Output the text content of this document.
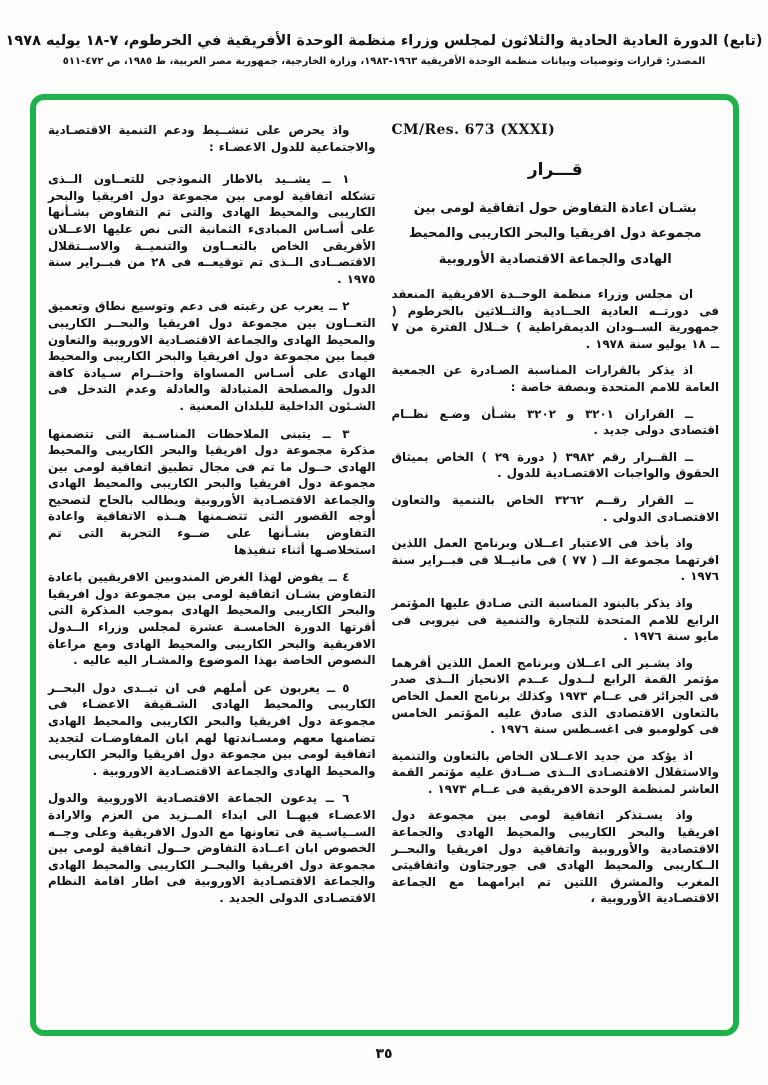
(تابع) الدورة العادية الحادية والثلاثون لمجلس وزراء منظمة الوحدة الأفريقية في الخرطوم، ٧-١٨ يوليه ١٩٧٨
المصدر: قرارات وتوصيات وبيانات منظمة الوحدة الأفريقية ١٩٦٣-١٩٨٣، وزارة الخارجية، جمهورية مصر العربية، ط ١٩٨٥، ص ٤٧٢-٥١١
CM/Res. 673 (XXXI)
قـــرار
بشـان اعادة التفاوض حول اتفاقية لومى بين مجموعة دول افريقيا والبحر الكاريبى والمحيط الهادى والجماعة الاقتصادية الأوروبية

ان مجلس وزراء منظمة الوحــدة الافريقية المنعقد فى دورتــه العادية الحــادية والثــلاثين بالخرطوم ( جمهورية الســودان الديمقراطية ) خــلال الفترة من ٧ ــ ١٨ يوليو سنة ١٩٧٨ .

اذ يذكر بالقرارات المناسبة الصـادرة عن الجمعية العامة للامم المتحدة وبصفة خاصة :

ــ القراران ٣٢٠١ و ٣٢٠٢ بشـأن وضـع نظــام اقتصادى دولى جديد .

ــ القــرار رقم ٣٩٨٢ ( دورة ٢٩ ) الخاص بميثاق الحقوق والواجبات الاقتصـادية للدول .

ــ القرار رقــم ٣٢٦٢ الخاص بالتنمية والتعاون الاقتصـادى الدولى .

واذ يأخذ فى الاعتبار اعــلان وبرنامج العمل اللذين اقرتهما مجموعة الــ ( ٧٧ ) فى مانيــلا فى فبــراير سنة ١٩٧٦ .

واذ يذكر بالبنود المناسبة التى صـادق عليها المؤتمر الرابع للامم المتحدة للتجارة والتنمية فى نيروبى فى مايو سنة ١٩٧٦ .

واذ يشـير الى اعــلان وبرنامج العمل اللذين أقرهما مؤتمر القمة الرابع لــدول عــدم الانحياز الــذى صدر فى الجزائر فى عــام ١٩٧٣ وكذلك برنامج العمل الخاص بالتعاون الاقتصادى الذى صادق عليه المؤتمر الخامس فى كولومبو فى اغسـطس سنة ١٩٧٦ .

اذ يؤكد من جديد الاعــلان الخاص بالتعاون والتنمية والاستقلال الاقتصـادى الــذى صــادق عليه مؤتمر القمة العاشر لمنظمة الوحدة الافريقية فى عــام ١٩٧٣ .

واذ يسـتذكر اتفاقية لومى بين مجموعة دول افريقيا والبحر الكاريبى والمحيط الهادى والجماعة الاقتصادية والأوروبية واتفاقية دول افريقيا والبحــر الــكاريبى والمحيط الهادى فى جورجتاون واتفاقيتى المغرب والمشرق اللتين تم ابرامهما مع الجماعة الاقتصـادية الأوروبية ،

واذ يحرص على تنشــيط ودعم التنمية الاقتصـادية والاجتماعية للدول الاعضـاء :

١ ــ يشــيد بالاطار النموذجى للتعــاون الــذى تشكله اتفاقية لومى بين مجموعة دول افريقيا والبحر الكاريبى والمحيط الهادى والتى تم التفاوض بشـأنها على أسـاس المبادىء الثمانية التى نص عليها الاعــلان الأفريقى الخاص بالتعــاون والتنميــة والاســتقلال الاقتصــادى الــذى تم توقيعــه فى ٢٨ من فبــراير سنة ١٩٧٥ .

٢ ــ يعرب عن رغبته فى دعم وتوسيع نطاق وتعميق التعــاون بين مجموعة دول افريقيا والبحــر الكاريبى والمحيط الهادى والجماعة الاقتصـادية الاوروبية والتعاون فيما بين مجموعة دول افريقيا والبحر الكاريبى والمحيط الهادى على أسـاس المساواة واحتــرام سـيادة كافة الدول والمصلحة المتبادلة والعادلة وعدم التدخل فى الشـئون الداخلية للبلدان المعنية .

٣ ــ يتبنى الملاحظات المناسـبة التى تتضمنها مذكرة مجموعة دول افريقيا والبحر الكاريبى والمحيط الهادى حــول ما تم فى مجال تطبيق اتفاقية لومى بين مجموعة دول افريقيا والبحر الكاريبى والمحيط الهادى والجماعة الاقتصـادية الأوروبية ويطالب بالحاح لتصحيح أوجه القصور التى تتضـمنها هــذه الاتفاقية واعادة التفاوض بشـأنها على ضــوء التجربة التى تم استخلاصـها أثناء تنفيذها

٤ ــ يفوض لهذا الغرض المندوبين الافريقيين باعادة التفاوض بشـان اتفاقية لومى بين مجموعة دول افريقيا والبحر الكاريبى والمحيط الهادى بموجب المذكرة التى أقرتها الدورة الخامسـة عشرة لمجلس وزراء الــدول الافريقية والبحر الكاريبى والمحيط الهادى ومع مراعاة النصوص الخاصة بهذا الموضوع والمشـار اليه عاليه .

٥ ــ يعربون عن أملهم فى ان تبــدى دول البحــر الكاريبى والمحيط الهادى الشـقيقة الاعضـاء فى مجموعة دول افريقيا والبحر الكاريبى والمحيط الهادى تضامنها معهم ومسـاندتها لهم ابان المفاوضـات لتجديد اتفاقية لومى بين مجموعة دول افريقيا والبحر الكاريبى والمحيط الهادى والجماعة الاقتصـادية الاوروبية .

٦ ــ يدعون الجماعة الاقتصـادية الاوروبية والدول الاعضـاء فيهــا الى ابداء المــزيد من العزم والارادة الســياسـية فى تعاونها مع الدول الافريقية وعلى وجــه الخصوص ابان اعــادة التفاوض حــول اتفاقية لومى بين مجموعة دول افريقيا والبحــر الكاريبى والمحيط الهادى والجماعة الاقتصـادية الاوروبية فى اطار اقامة النظام الاقتصـادى الدولى الجديد .

٣٥
